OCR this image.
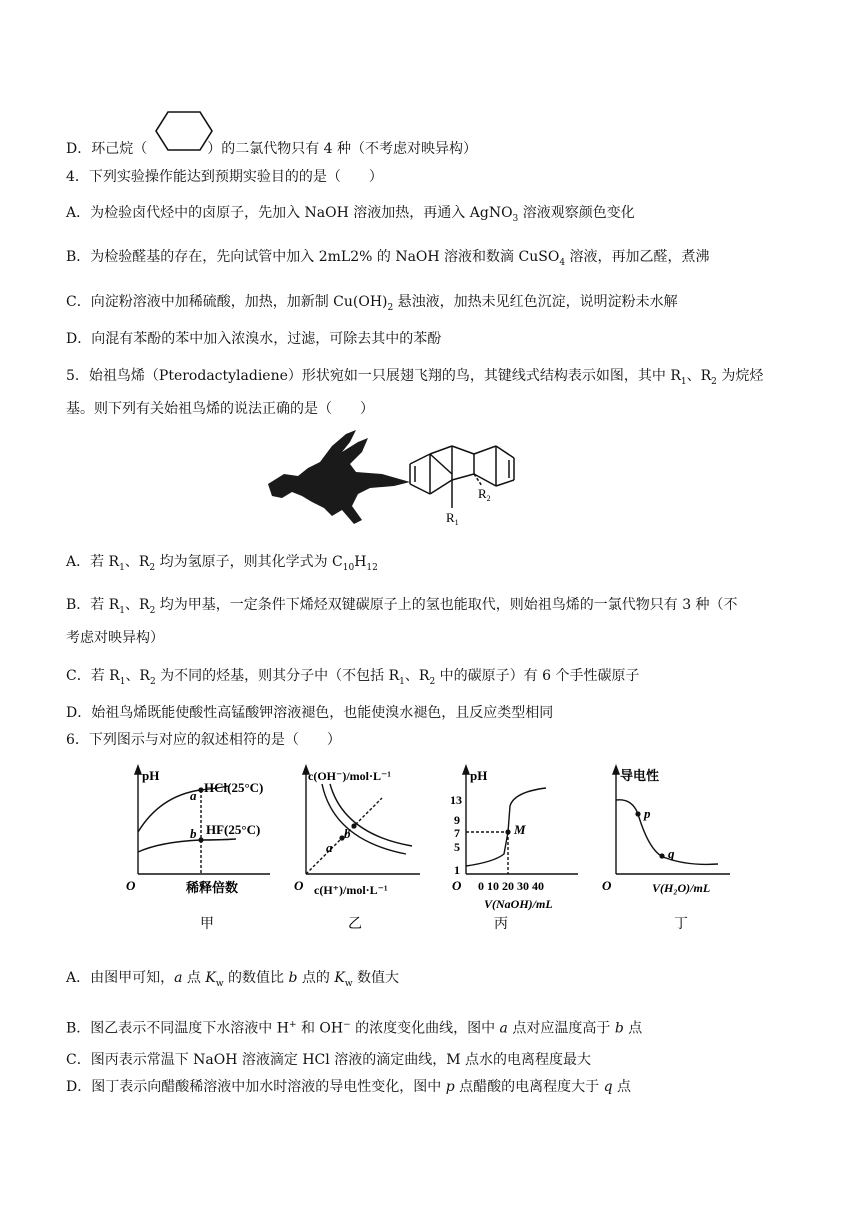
D．环己烷（	）的二氯代物只有 4 种（不考虑对映异构）
4．下列实验操作能达到预期实验目的的是（　　）
A．为检验卤代烃中的卤原子，先加入 NaOH 溶液加热，再通入 AgNO$_3$ 溶液观察颜色变化
B．为检验醛基的存在，先向试管中加入 2mL2% 的 NaOH 溶液和数滴 CuSO$_4$ 溶液，再加乙醛，煮沸
C．向淀粉溶液中加稀硫酸，加热，加新制 $Cu(OH)_2$ 悬浊液，加热未见红色沉淀，说明淀粉未水解
D．向混有苯酚的苯中加入浓溴水，过滤，可除去其中的苯酚
5．始祖鸟烯（Pterodactyladiene）形状宛如一只展翅飞翔的鸟，其键线式结构表示如图，其中 $R_1$、$R_2$ 为烷烃
基。则下列有关始祖鸟烯的说法正确的是（　　）
$R_1$
$R_2$
A．若 $R_1$、$R_2$ 均为氢原子，则其化学式为 $C_{10}H_{12}$
B．若 $R_1$、$R_2$ 均为甲基，一定条件下烯烃双键碳原子上的氢也能取代，则始祖鸟烯的一氯代物只有 3 种（不
考虑对映异构）
C．若 $R_1$、$R_2$ 为不同的烃基，则其分子中（不包括 $R_1$、$R_2$ 中的碳原子）有 6 个手性碳原子
D．始祖鸟烯既能使酸性高锰酸钾溶液褪色，也能使溴水褪色，且反应类型相同
6．下列图示与对应的叙述相符的是（　　）
pH
HCl(25°C)
HF(25°C)
a
b
O	稀释倍数
甲
c(OH⁻)/mol·L⁻¹
a
b
O c(H⁺)/mol·L⁻¹
乙
pH
13
9
7
5
1
M
O 0 10 20 30 40
V(NaOH)/mL
丙
导电性
p
q
O	V(H₂O)/mL
丁
A．由图甲可知，a 点 $K_w$ 的数值比 b 点的 $K_w$ 数值大
B．图乙表示不同温度下水溶液中 H+ 和 OH− 的浓度变化曲线，图中 a 点对应温度高于 b 点
C．图丙表示常温下 NaOH 溶液滴定 HCl 溶液的滴定曲线，M 点水的电离程度最大
D．图丁表示向醋酸稀溶液中加水时溶液的导电性变化，图中 p 点醋酸的电离程度大于 q 点
